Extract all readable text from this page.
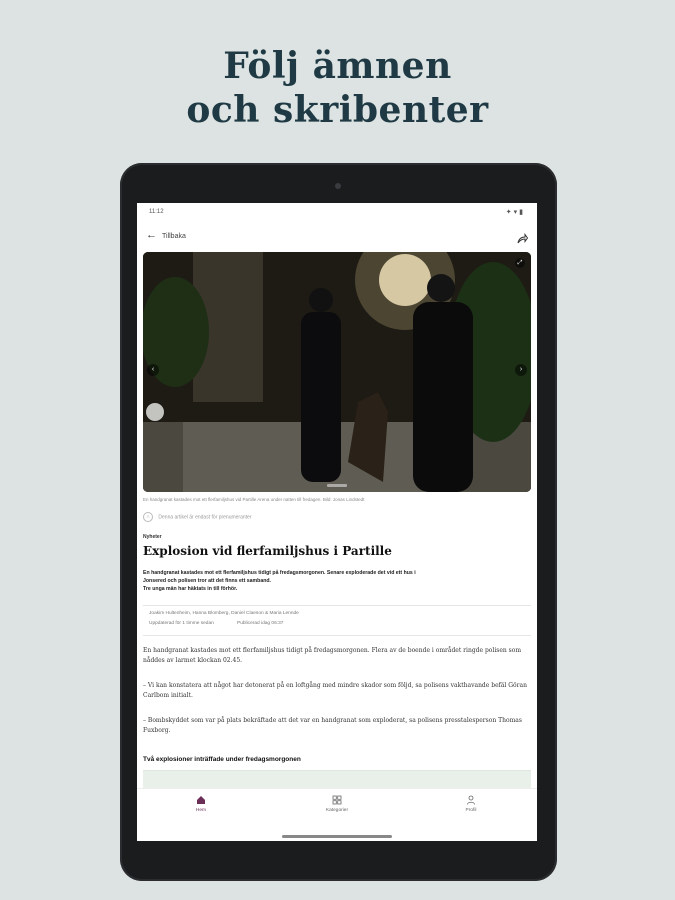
Följ ämnen
och skribenter
11:12	✦▾▮
← Tillbaka
⤢
‹	›
En handgranat kastades mot ett flerfamiljshus vid Partille Arena under natten till fredagen. Bild: Jonas Lindstedt
∩ Denna artikel är endast för prenumeranter
Nyheter
Explosion vid flerfamiljshus i Partille
En handgranat kastades mot ett flerfamiljshus tidigt på fredagsmorgonen. Senare exploderade det vid ett hus i
Jonsered och polisen tror att det finns ett samband.
Tre unga män har häktats in till förhör.
Joakim Hultenheim, Hanna Blomberg, Daniel Claeson & Maria Lennde
Uppdaterad för 1 timme sedan	Publicerad idag 06:37
En handgranat kastades mot ett flerfamiljshus tidigt på fredagsmorgonen. Flera av de boende i området ringde polisen som nåddes av larmet klockan 02.45.
– Vi kan konstatera att något har detonerat på en loftgång med mindre skador som följd, sa polisens vakthavande befäl Göran Carlbom initialt.
– Bombskyddet som var på plats bekräftade att det var en handgranat som exploderat, sa polisens presstalesperson Thomas Fuxborg.
Två explosioner inträffade under fredagsmorgonen
Hem	Kategorier	Profil
